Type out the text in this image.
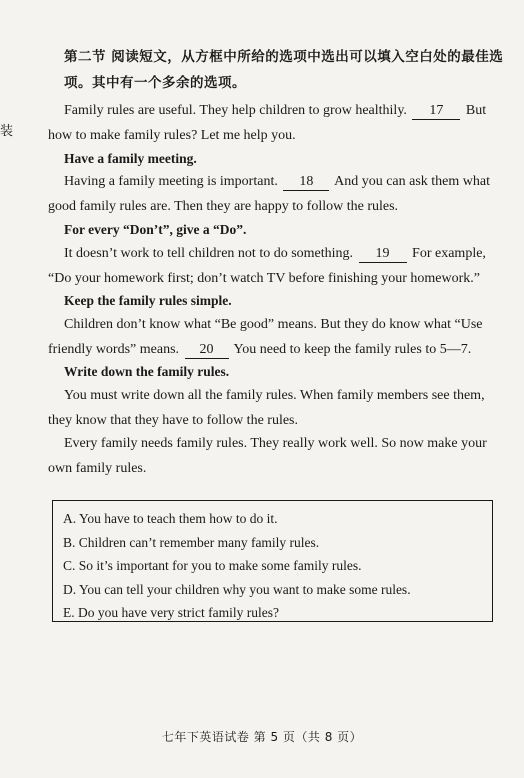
装
第二节 阅读短文，从方框中所给的选项中选出可以填入空白处的最佳选
项。其中有一个多余的选项。
Family rules are useful. They help children to grow healthily. 17 But
how to make family rules? Let me help you.
Have a family meeting.
Having a family meeting is important. 18 And you can ask them what
good family rules are. Then they are happy to follow the rules.
For every “Don’t”, give a “Do”.
It doesn’t work to tell children not to do something. 19 For example,
“Do your homework first; don’t watch TV before finishing your homework.”
Keep the family rules simple.
Children don’t know what “Be good” means. But they do know what “Use
friendly words” means. 20 You need to keep the family rules to 5—7.
Write down the family rules.
You must write down all the family rules. When family members see them,
they know that they have to follow the rules.
Every family needs family rules. They really work well. So now make your
own family rules.
A. You have to teach them how to do it.
B. Children can’t remember many family rules.
C. So it’s important for you to make some family rules.
D. You can tell your children why you want to make some rules.
E. Do you have very strict family rules?
七年下英语试卷 第 5 页（共 8 页）
